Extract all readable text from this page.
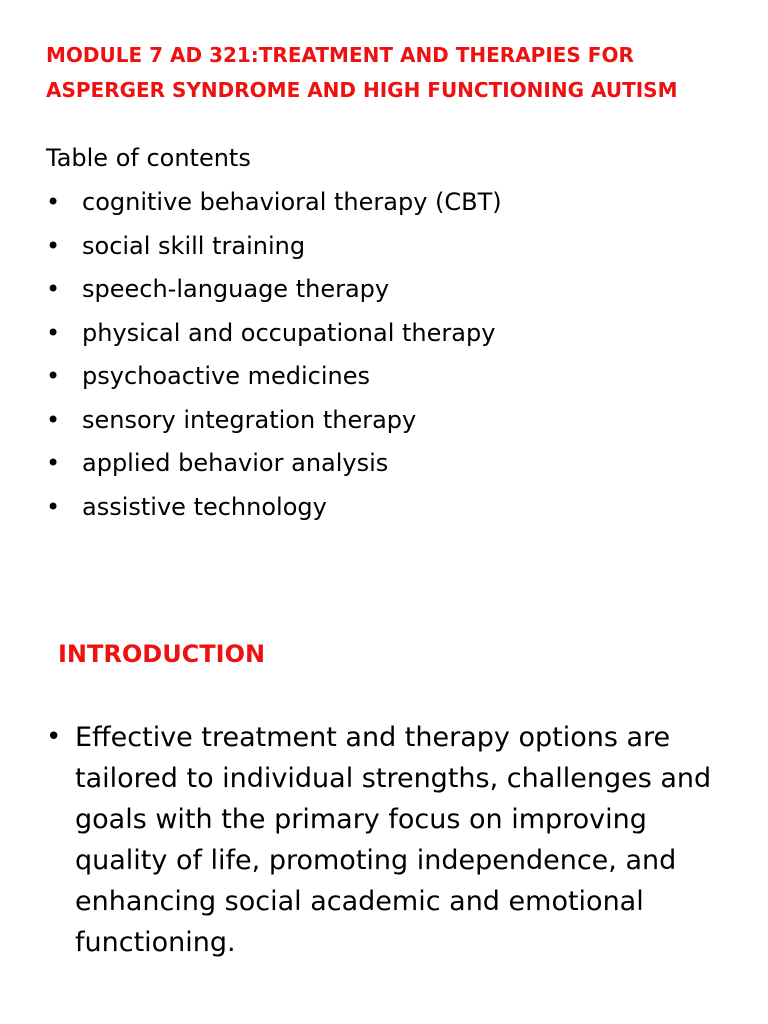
MODULE 7 AD 321:TREATMENT AND THERAPIES FOR
ASPERGER SYNDROME AND HIGH FUNCTIONING AUTISM
Table of contents
• cognitive behavioral therapy (CBT)
• social skill training
• speech-language therapy
• physical and occupational therapy
• psychoactive medicines
• sensory integration therapy
• applied behavior analysis
• assistive technology
INTRODUCTION
• Effective treatment and therapy options are
tailored to individual strengths, challenges and
goals with the primary focus on improving
quality of life, promoting independence, and
enhancing social academic and emotional
functioning.
